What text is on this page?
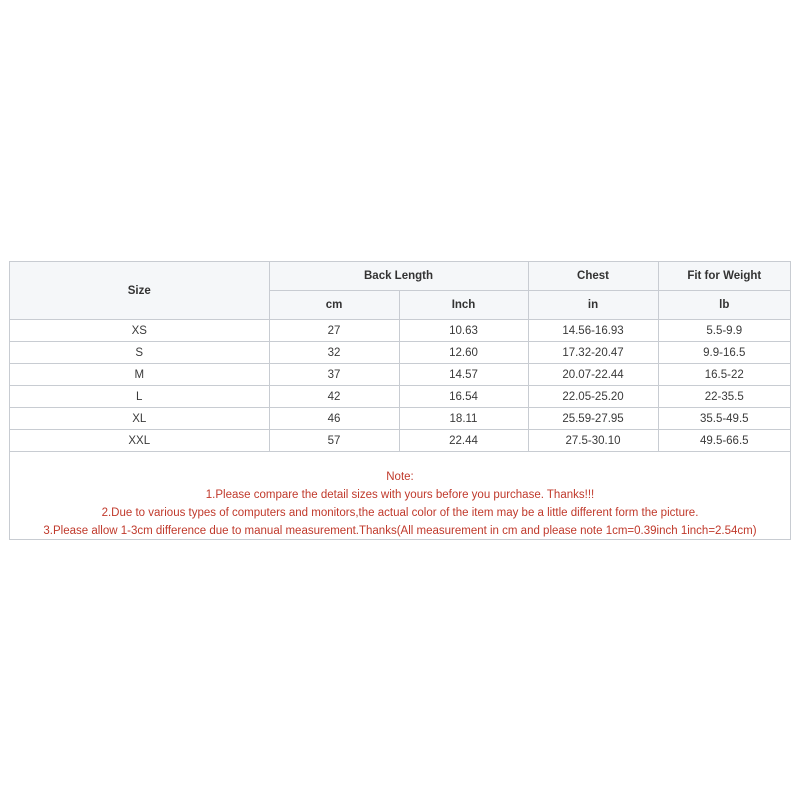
Size	Back Length		Chest	Fit for Weight
	cm	Inch	in	lb
XS	27	10.63	14.56-16.93	5.5-9.9
S	32	12.60	17.32-20.47	9.9-16.5
M	37	14.57	20.07-22.44	16.5-22
L	42	16.54	22.05-25.20	22-35.5
XL	46	18.11	25.59-27.95	35.5-49.5
XXL	57	22.44	27.5-30.10	49.5-66.5
Note:
1.Please compare the detail sizes with yours before you purchase. Thanks!!!
2.Due to various types of computers and monitors,the actual color of the item may be a little different form the picture.
3.Please allow 1-3cm difference due to manual measurement.Thanks(All measurement in cm and please note 1cm=0.39inch 1inch=2.54cm)
